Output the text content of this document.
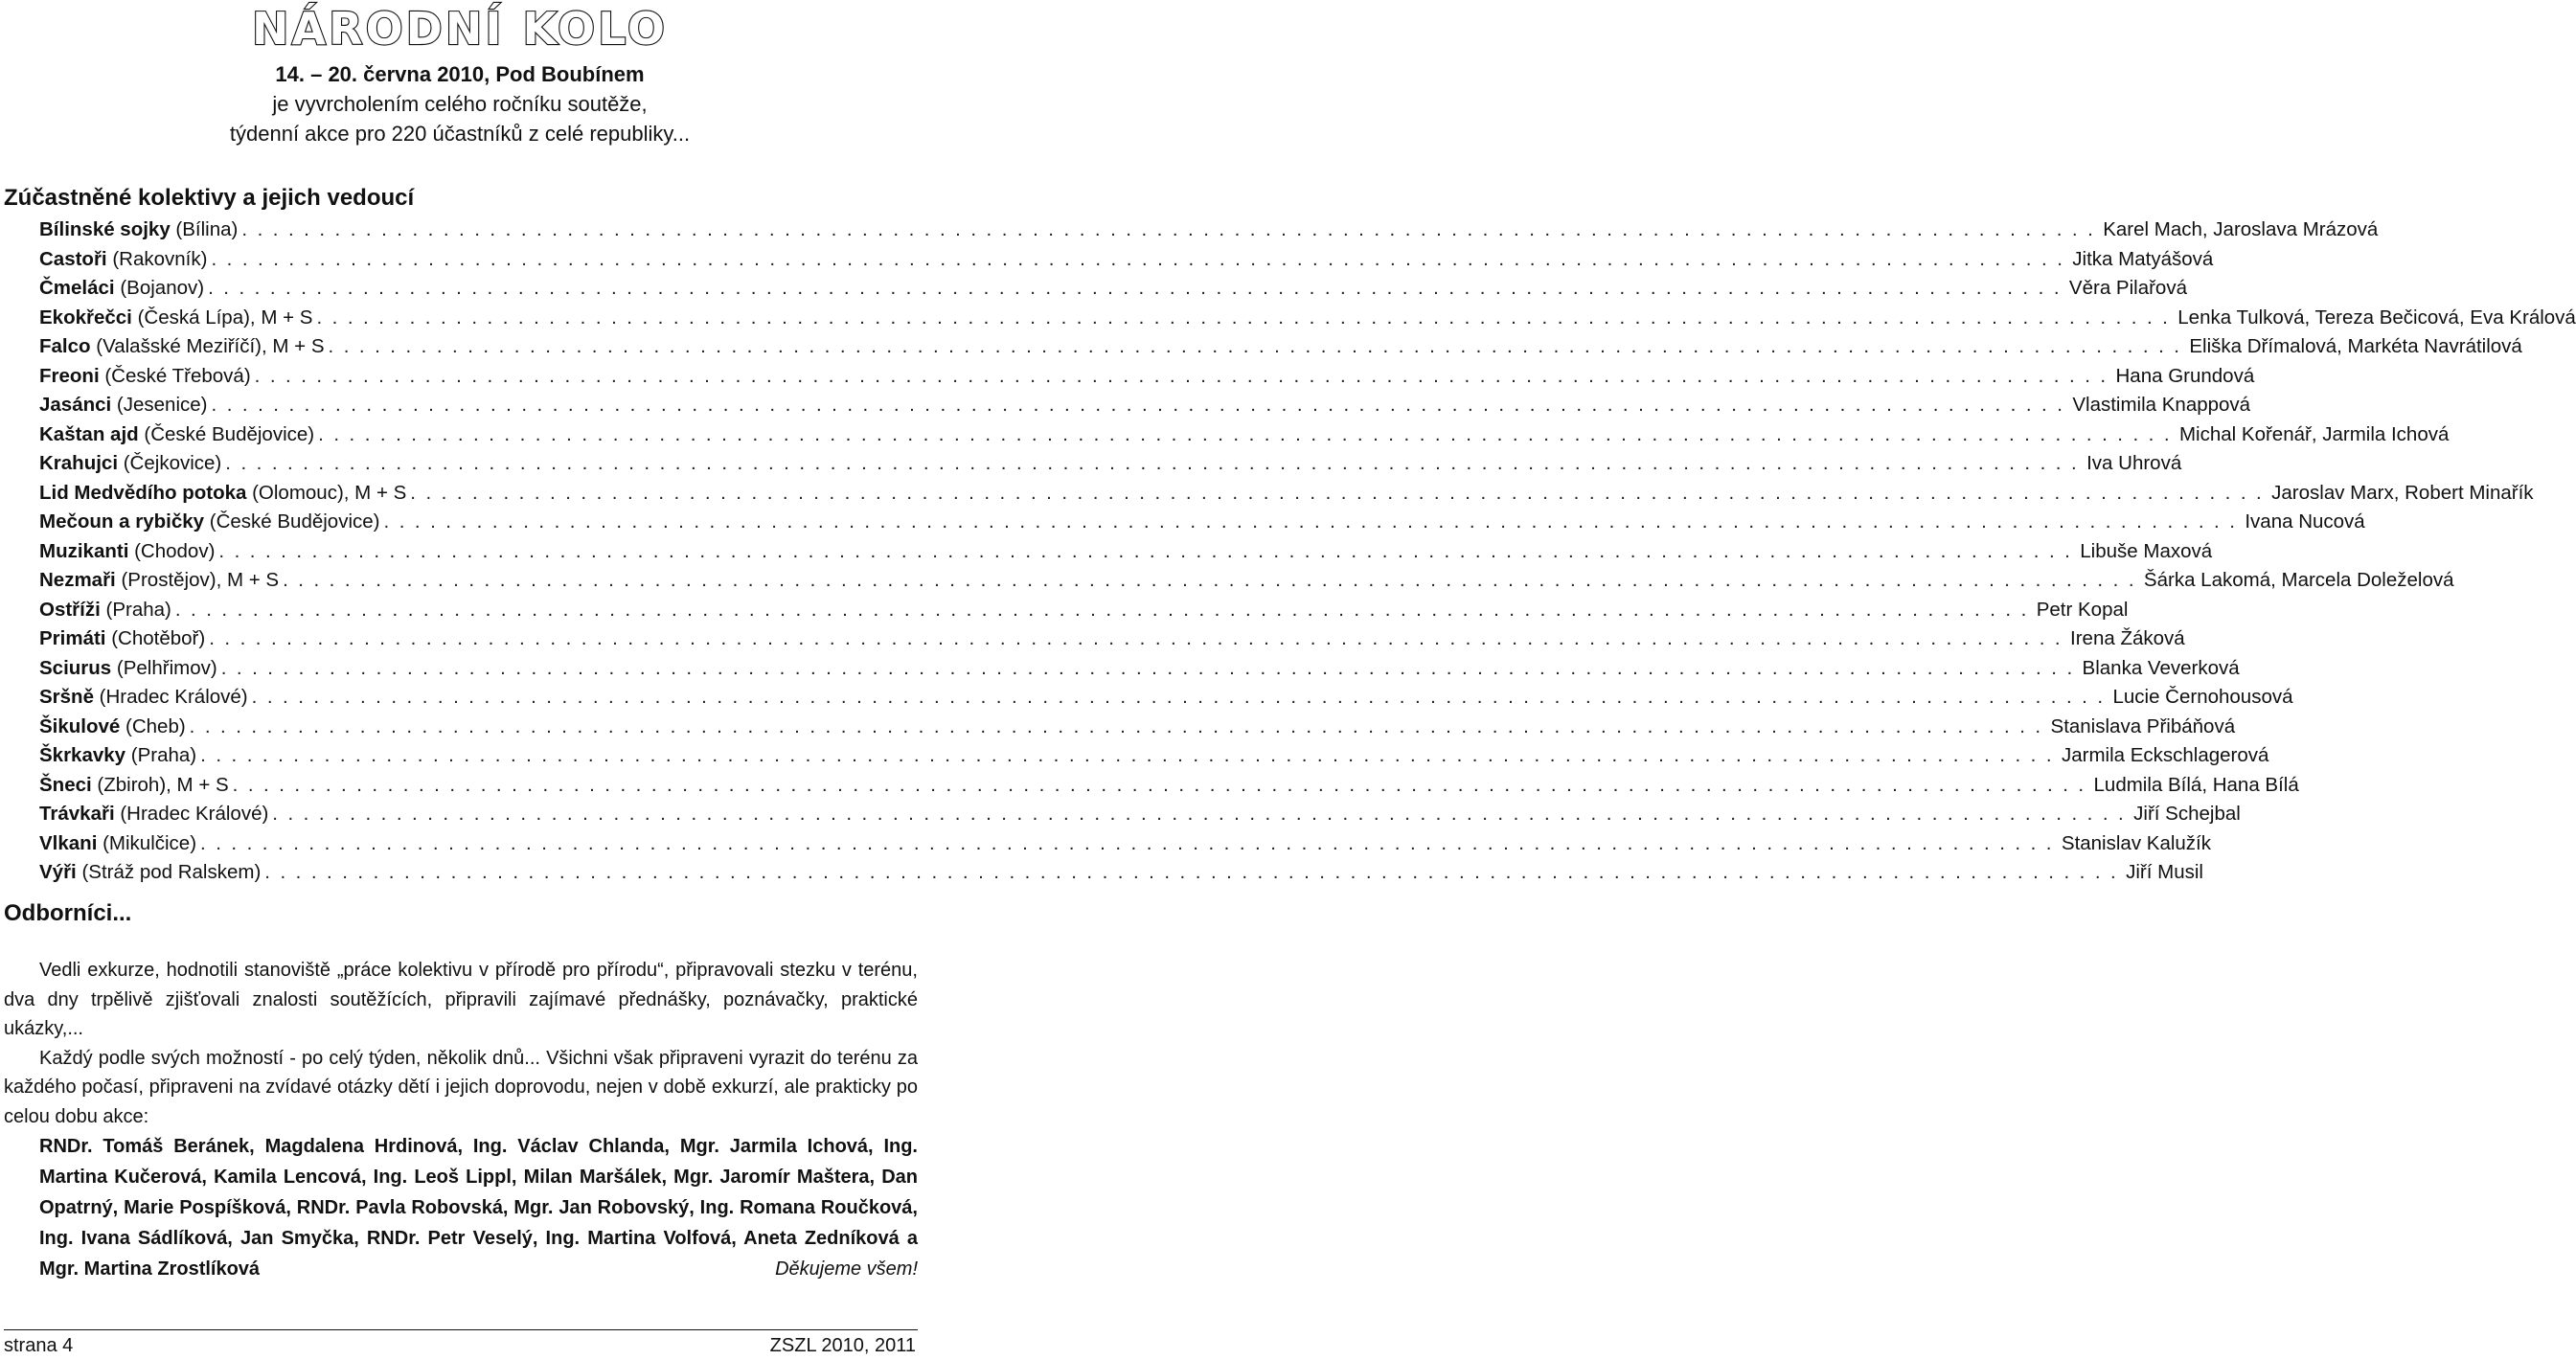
NÁRODNÍ KOLO
14. – 20. června 2010, Pod Boubínem
je vyvrcholením celého ročníku soutěže,
týdenní akce pro 220 účastníků z celé republiky...
Zúčastněné kolektivy a jejich vedoucí
Bílinské sojky (Bílina) . . . . . . . . . . . . . . . . . . . . . . . . . . . . . . . . . . . . . . . . . . . . . . . . . . . . . . . . . . . . . . . . . . . . . . . . . . . . . . . . . . . . . . . . . . . . . . . . . . . . . . . . . . . . . . . . . . . . . . . . Karel Mach, Jaroslava Mrázová
Castoři (Rakovník) . . . . . . . . . . . . . . . . . . . . . . . . . . . . . . . . . . . . . . . . . . . . . . . . . . . . . . . . . . . . . . . . . . . . . . . . . . . . . . . . . . . . . . . . . . . . . . . . . . . . . . . . . . . . . . . . . . . . . . . . Jitka Matyášová
Čmeláci (Bojanov) . . . . . . . . . . . . . . . . . . . . . . . . . . . . . . . . . . . . . . . . . . . . . . . . . . . . . . . . . . . . . . . . . . . . . . . . . . . . . . . . . . . . . . . . . . . . . . . . . . . . . . . . . . . . . . . . . . . . . . . . Věra Pilařová
Ekokřečci (Česká Lípa), M + S . . . . . . . . . . . . . . . . . . . . . . . . . . . . . . . . . . . . . . . . . . . . . . . . . . . . . . . . . . . . . . . . . . . . . . . . . . . . . . . . . . . . . . . . . . . . . . . . . . . . . . . . . . . . . . . . . . . . . . . . Lenka Tulková, Tereza Bečicová, Eva Králová
Falco (Valašské Meziříčí), M + S . . . . . . . . . . . . . . . . . . . . . . . . . . . . . . . . . . . . . . . . . . . . . . . . . . . . . . . . . . . . . . . . . . . . . . . . . . . . . . . . . . . . . . . . . . . . . . . . . . . . . . . . . . . . . . . . . . . . . . . . Eliška Dřímalová, Markéta Navrátilová
Freoni (České Třebová) . . . . . . . . . . . . . . . . . . . . . . . . . . . . . . . . . . . . . . . . . . . . . . . . . . . . . . . . . . . . . . . . . . . . . . . . . . . . . . . . . . . . . . . . . . . . . . . . . . . . . . . . . . . . . . . . . . . . . . . . Hana Grundová
Jasánci (Jesenice) . . . . . . . . . . . . . . . . . . . . . . . . . . . . . . . . . . . . . . . . . . . . . . . . . . . . . . . . . . . . . . . . . . . . . . . . . . . . . . . . . . . . . . . . . . . . . . . . . . . . . . . . . . . . . . . . . . . . . . . . Vlastimila Knappová
Kaštan ajd (České Budějovice) . . . . . . . . . . . . . . . . . . . . . . . . . . . . . . . . . . . . . . . . . . . . . . . . . . . . . . . . . . . . . . . . . . . . . . . . . . . . . . . . . . . . . . . . . . . . . . . . . . . . . . . . . . . . . . . . . . . . . . . . Michal Kořenář, Jarmila Ichová
Krahujci (Čejkovice) . . . . . . . . . . . . . . . . . . . . . . . . . . . . . . . . . . . . . . . . . . . . . . . . . . . . . . . . . . . . . . . . . . . . . . . . . . . . . . . . . . . . . . . . . . . . . . . . . . . . . . . . . . . . . . . . . . . . . . . . Iva Uhrová
Lid Medvědího potoka (Olomouc), M + S . . . . . . . . . . . . . . . . . . . . . . . . . . . . . . . . . . . . . . . . . . . . . . . . . . . . . . . . . . . . . . . . . . . . . . . . . . . . . . . . . . . . . . . . . . . . . . . . . . . . . . . . . . . . . . . . . . . . . . . . Jaroslav Marx, Robert Minařík
Mečoun a rybičky (České Budějovice) . . . . . . . . . . . . . . . . . . . . . . . . . . . . . . . . . . . . . . . . . . . . . . . . . . . . . . . . . . . . . . . . . . . . . . . . . . . . . . . . . . . . . . . . . . . . . . . . . . . . . . . . . . . . . . . . . . . . . . . . Ivana Nucová
Muzikanti (Chodov) . . . . . . . . . . . . . . . . . . . . . . . . . . . . . . . . . . . . . . . . . . . . . . . . . . . . . . . . . . . . . . . . . . . . . . . . . . . . . . . . . . . . . . . . . . . . . . . . . . . . . . . . . . . . . . . . . . . . . . . . Libuše Maxová
Nezmaři (Prostějov), M + S . . . . . . . . . . . . . . . . . . . . . . . . . . . . . . . . . . . . . . . . . . . . . . . . . . . . . . . . . . . . . . . . . . . . . . . . . . . . . . . . . . . . . . . . . . . . . . . . . . . . . . . . . . . . . . . . . . . . . . . . Šárka Lakomá, Marcela Doleželová
Ostříži (Praha) . . . . . . . . . . . . . . . . . . . . . . . . . . . . . . . . . . . . . . . . . . . . . . . . . . . . . . . . . . . . . . . . . . . . . . . . . . . . . . . . . . . . . . . . . . . . . . . . . . . . . . . . . . . . . . . . . . . . . . . . Petr Kopal
Primáti (Chotěboř) . . . . . . . . . . . . . . . . . . . . . . . . . . . . . . . . . . . . . . . . . . . . . . . . . . . . . . . . . . . . . . . . . . . . . . . . . . . . . . . . . . . . . . . . . . . . . . . . . . . . . . . . . . . . . . . . . . . . . . . . Irena Žáková
Sciurus (Pelhřimov) . . . . . . . . . . . . . . . . . . . . . . . . . . . . . . . . . . . . . . . . . . . . . . . . . . . . . . . . . . . . . . . . . . . . . . . . . . . . . . . . . . . . . . . . . . . . . . . . . . . . . . . . . . . . . . . . . . . . . . . . Blanka Veverková
Sršně (Hradec Králové) . . . . . . . . . . . . . . . . . . . . . . . . . . . . . . . . . . . . . . . . . . . . . . . . . . . . . . . . . . . . . . . . . . . . . . . . . . . . . . . . . . . . . . . . . . . . . . . . . . . . . . . . . . . . . . . . . . . . . . . . Lucie Černohousová
Šikulové (Cheb) . . . . . . . . . . . . . . . . . . . . . . . . . . . . . . . . . . . . . . . . . . . . . . . . . . . . . . . . . . . . . . . . . . . . . . . . . . . . . . . . . . . . . . . . . . . . . . . . . . . . . . . . . . . . . . . . . . . . . . . . Stanislava Přibáňová
Škrkavky (Praha) . . . . . . . . . . . . . . . . . . . . . . . . . . . . . . . . . . . . . . . . . . . . . . . . . . . . . . . . . . . . . . . . . . . . . . . . . . . . . . . . . . . . . . . . . . . . . . . . . . . . . . . . . . . . . . . . . . . . . . . . Jarmila Eckschlagerová
Šneci (Zbiroh), M + S . . . . . . . . . . . . . . . . . . . . . . . . . . . . . . . . . . . . . . . . . . . . . . . . . . . . . . . . . . . . . . . . . . . . . . . . . . . . . . . . . . . . . . . . . . . . . . . . . . . . . . . . . . . . . . . . . . . . . . . . Ludmila Bílá, Hana Bílá
Trávkaři (Hradec Králové) . . . . . . . . . . . . . . . . . . . . . . . . . . . . . . . . . . . . . . . . . . . . . . . . . . . . . . . . . . . . . . . . . . . . . . . . . . . . . . . . . . . . . . . . . . . . . . . . . . . . . . . . . . . . . . . . . . . . . . . . Jiří Schejbal
Vlkani (Mikulčice) . . . . . . . . . . . . . . . . . . . . . . . . . . . . . . . . . . . . . . . . . . . . . . . . . . . . . . . . . . . . . . . . . . . . . . . . . . . . . . . . . . . . . . . . . . . . . . . . . . . . . . . . . . . . . . . . . . . . . . . . Stanislav Kalužík
Výři (Stráž pod Ralskem) . . . . . . . . . . . . . . . . . . . . . . . . . . . . . . . . . . . . . . . . . . . . . . . . . . . . . . . . . . . . . . . . . . . . . . . . . . . . . . . . . . . . . . . . . . . . . . . . . . . . . . . . . . . . . . . . . . . . . . . . Jiří Musil
Odborníci...

Vedli exkurze, hodnotili stanoviště „práce kolektivu v přírodě pro přírodu“, připravovali stezku v terénu, dva dny trpělivě zjišťovali znalosti soutěžících, připravili zajímavé přednášky, poznávačky, praktické ukázky,...

Každý podle svých možností - po celý týden, několik dnů... Všichni však připraveni vyrazit do terénu za každého počasí, připraveni na zvídavé otázky dětí i jejich doprovodu, nejen v době exkurzí, ale prakticky po celou dobu akce:

RNDr. Tomáš Beránek, Magdalena Hrdinová, Ing. Václav Chlanda, Mgr. Jarmila Ichová, Ing. Martina Kučerová, Kamila Lencová, Ing. Leoš Lippl, Milan Maršálek, Mgr. Jaromír Maštera, Dan Opatrný, Marie Pospíšková, RNDr. Pavla Robovská, Mgr. Jan Robovský, Ing. Romana Roučková, Ing. Ivana Sádlíková, Jan Smyčka, RNDr. Petr Veselý, Ing. Martina Volfová, Aneta Zedníková a Mgr. Martina Zrostlíková	Děkujeme všem!

strana 4	ZSZL 2010, 2011
